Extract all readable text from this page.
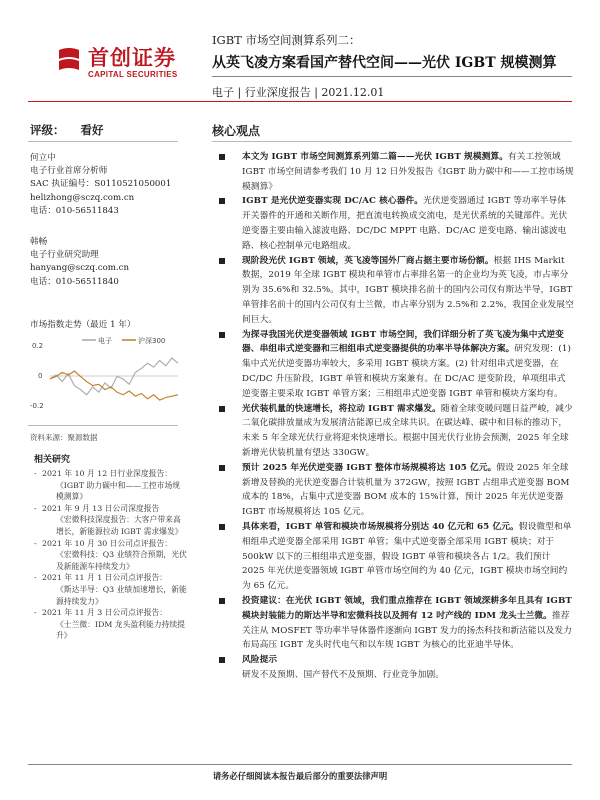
首创证券
CAPITAL SECURITIES
IGBT 市场空间测算系列二：
从英飞凌方案看国产替代空间——光伏 IGBT 规模测算
电子 | 行业深度报告 | 2021.12.01
评级： 看好	核心观点
何立中
电子行业首席分析师
SAC 执证编号：S0110521050001
helizhong@sczq.com.cn
电话：010-56511843
韩畅
电子行业研究助理
hanyang@sczq.com.cn
电话：010-56511840
市场指数走势（最近 1 年）
0.2
0
-0.2
电子	沪深300
资料来源：聚源数据
相关研究
- 2021 年 10 月 12 日行业深度报告：
《IGBT 助力碳中和——工控市场规
模测算》
- 2021 年 9 月 13 日公司深度报告
《宏微科技深度报告：大客户带来高
增长，新能源拉动 IGBT 需求爆发》
- 2021 年 10 月 30 日公司点评报告：
《宏微科技：Q3 业绩符合预期，光伏
及新能源车持续发力》
- 2021 年 11 月 1 日公司点评报告：
《斯达半导：Q3 业绩加速增长，新能
源持续发力》
- 2021 年 11 月 3 日公司点评报告：
《士兰微：IDM 龙头盈利能力持续提
升》
本文为 IGBT 市场空间测算系列第二篇——光伏 IGBT 规模测算。有关工控领域 IGBT 市场空间请参考我们 10 月 12 日外发报告《IGBT 助力碳中和——工控市场规模测算》
IGBT 是光伏逆变器实现 DC/AC 核心器件。光伏逆变器通过 IGBT 等功率半导体开关器件的开通和关断作用，把直流电转换成交流电，是光伏系统的关键部件。光伏逆变器主要由输入滤波电路、DC/DC MPPT 电路、DC/AC 逆变电路、输出滤波电路、核心控制单元电路组成。
现阶段光伏 IGBT 领域，英飞凌等国外厂商占据主要市场份额。根据 IHS Markit 数据，2019 年全球 IGBT 模块和单管市占率排名第一的企业均为英飞凌，市占率分别为 35.6%和 32.5%。其中，IGBT 模块排名前十的国内公司仅有斯达半导，IGBT 单管排名前十的国内公司仅有士兰微，市占率分别为 2.5%和 2.2%，我国企业发展空间巨大。
为探寻我国光伏逆变器领域 IGBT 市场空间，我们详细分析了英飞凌为集中式逆变器、串组串式逆变器和三相组串式逆变器提供的功率半导体解决方案。研究发现：(1) 集中式光伏逆变器功率较大，多采用 IGBT 模块方案。(2) 针对组串式逆变器，在 DC/DC 升压阶段，IGBT 单管和模块方案兼有。在 DC/AC 逆变阶段，单项组串式逆变器主要采取 IGBT 单管方案；三相组串式逆变器 IGBT 单管和模块方案均有。
光伏装机量的快速增长，将拉动 IGBT 需求爆发。随着全球变暖问题日益严峻，减少二氧化碳排放量成为发展清洁能源已成全球共识。在碳达峰、碳中和目标的推动下，未来 5 年全球光伏行业将迎来快速增长。根据中国光伏行业协会预测，2025 年全球新增光伏装机量有望达 330GW。
预计 2025 年光伏逆变器 IGBT 整体市场规模将达 105 亿元。假设 2025 年全球新增及替换的光伏逆变器合计装机量为 372GW，按照 IGBT 占组串式逆变器 BOM 成本的 18%，占集中式逆变器 BOM 成本的 15%计算，预计 2025 年光伏逆变器 IGBT 市场规模将达 105 亿元。
具体来看，IGBT 单管和模块市场规模将分别达 40 亿元和 65 亿元。假设微型和单相组串式逆变器全部采用 IGBT 单管；集中式逆变器全部采用 IGBT 模块；对于 500kW 以下的三相组串式逆变器，假设 IGBT 单管和模块各占 1/2。我们预计 2025 年光伏逆变器领域 IGBT 单管市场空间约为 40 亿元，IGBT 模块市场空间约为 65 亿元。
投资建议：在光伏 IGBT 领域，我们重点推荐在 IGBT 领域深耕多年且具有 IGBT 模块封装能力的斯达半导和宏微科技以及拥有 12 吋产线的 IDM 龙头士兰微。推荐关注从 MOSFET 等功率半导体器件逐渐向 IGBT 发力的扬杰科技和新洁能以及发力布局高压 IGBT 龙头时代电气和以车规 IGBT 为核心的比亚迪半导体。
风险提示
研发不及预期、国产替代不及预期、行业竞争加剧。
请务必仔细阅读本报告最后部分的重要法律声明
